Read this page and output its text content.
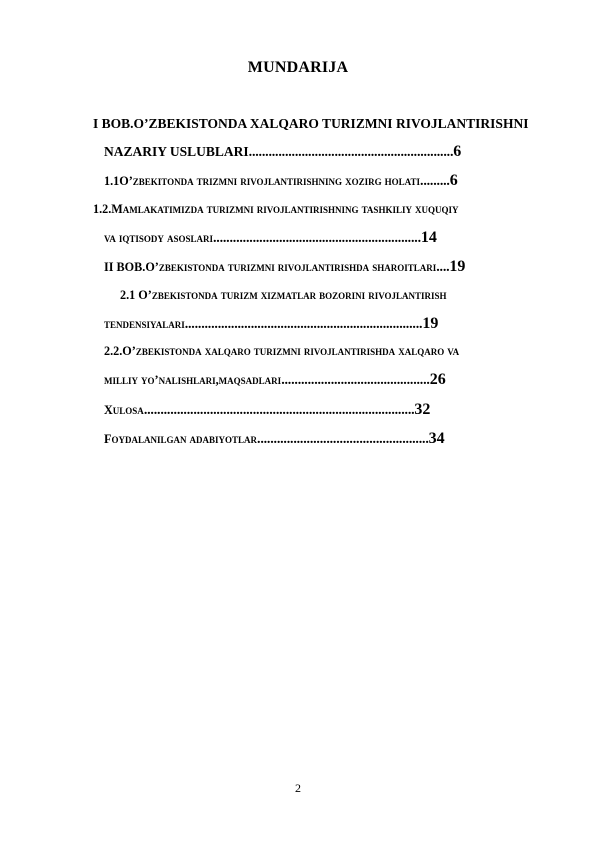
MUNDARIJA
I BOB.O’ZBEKISTONDA XALQARO TURIZMNI RIVOJLANTIRISHNI
NAZARIY USLUBLARI..............................................................6
1.1O’zbekitonda trizmni rivojlantirishning xozirg holati.........6
1.2.Mamlakatimizda turizmni rivojlantirishning tashkiliy xuquqiy
va iqtisody asoslari...............................................................14
II BOB.O’zbekistonda turizmni rivojlantirishda sharoitlari....19
2.1 O’zbekistonda turizm xizmatlar bozorini rivojlantirish
tendensiyalari........................................................................19
2.2.O’zbekistonda xalqaro turizmni rivojlantirishda xalqaro va
milliy yo’nalishlari,maqsadlari.............................................26
Xulosa..................................................................................32
Foydalanilgan adabiyotlar....................................................34
2
